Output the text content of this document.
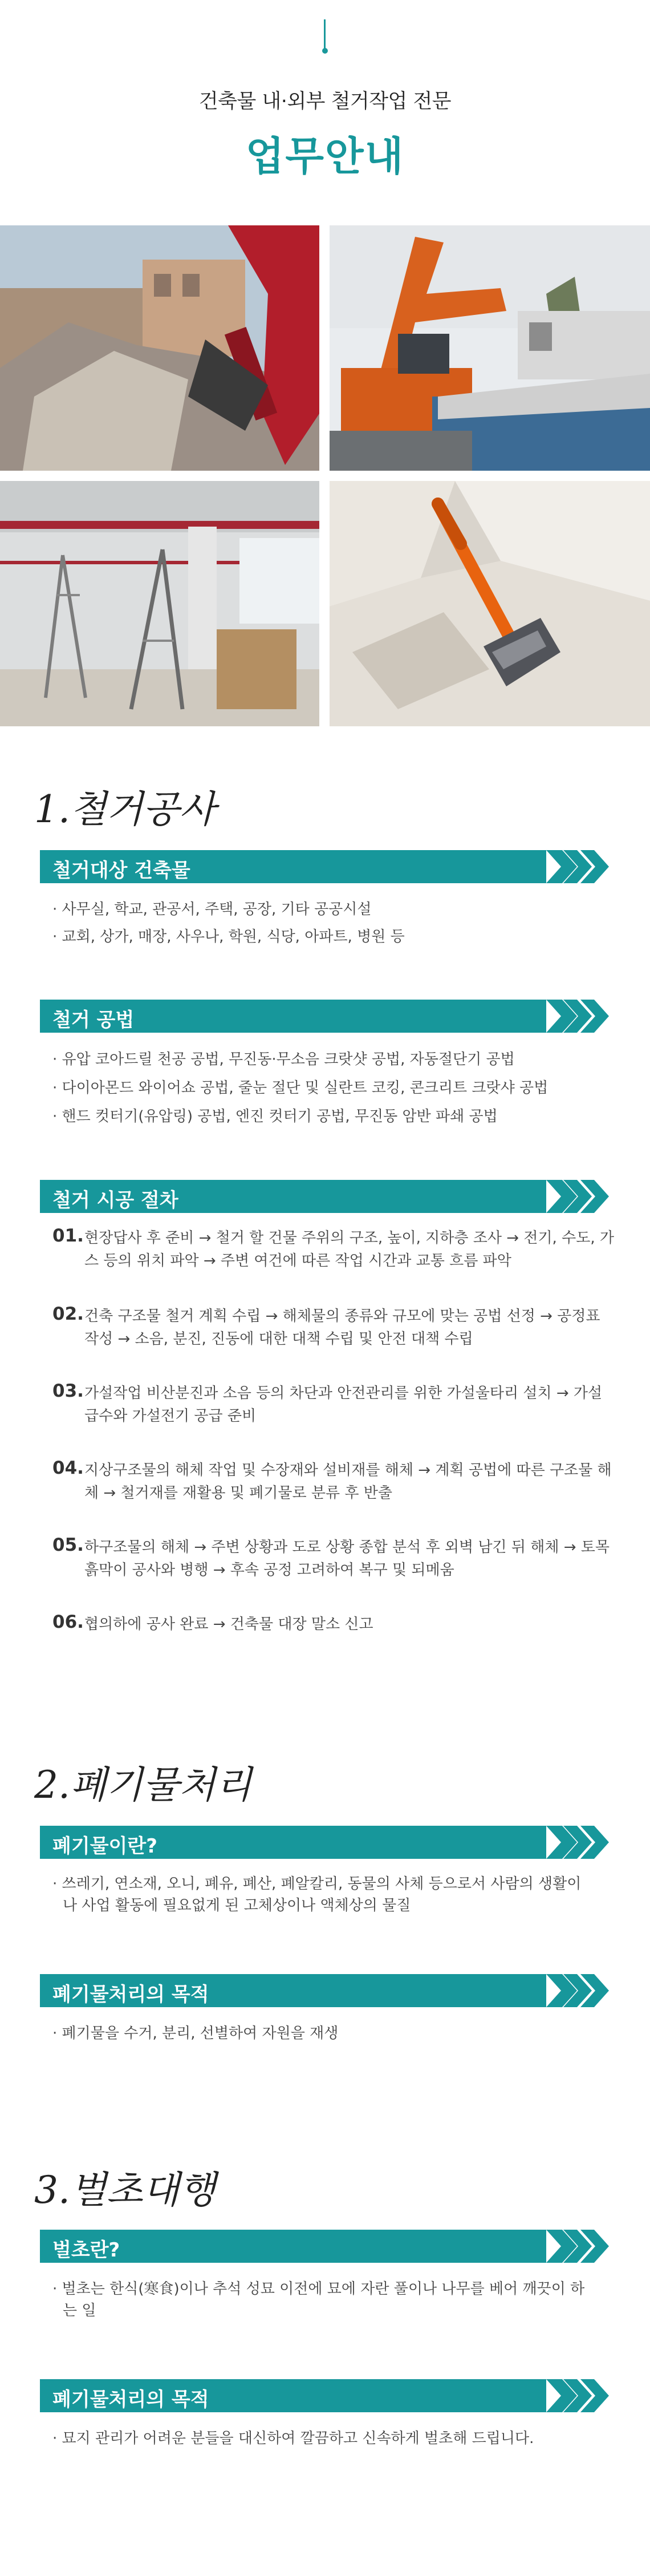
건축물 내·외부 철거작업 전문
업무안내
1.철거공사
철거대상 건축물
· 사무실, 학교, 관공서, 주택, 공장, 기타 공공시설
· 교회, 상가, 매장, 사우나, 학원, 식당, 아파트, 병원 등
철거 공법
· 유압 코아드릴 천공 공법, 무진동·무소음 크랏샷 공법, 자동절단기 공법
· 다이아몬드 와이어쇼 공법, 줄눈 절단 및 실란트 코킹, 콘크리트 크랏샤 공법
· 핸드 컷터기(유압링) 공법, 엔진 컷터기 공법, 무진동 암반 파쇄 공법
철거 시공 절차
01. 현장답사 후 준비 → 철거 할 건물 주위의 구조, 높이, 지하층 조사 → 전기, 수도, 가스 등의 위치 파악 → 주변 여건에 따른 작업 시간과 교통 흐름 파악
02. 건축 구조물 철거 계획 수립 → 해체물의 종류와 규모에 맞는 공법 선정 → 공정표 작성 → 소음, 분진, 진동에 대한 대책 수립 및 안전 대책 수립
03. 가설작업 비산분진과 소음 등의 차단과 안전관리를 위한 가설울타리 설치 → 가설급수와 가설전기 공급 준비
04. 지상구조물의 해체 작업 및 수장재와 설비재를 해체 → 계획 공법에 따른 구조물 해체 → 철거재를 재활용 및 폐기물로 분류 후 반출
05. 하구조물의 해체 → 주변 상황과 도로 상황 종합 분석 후 외벽 남긴 뒤 해체 → 토목 흙막이 공사와 병행 → 후속 공정 고려하여 복구 및 되메움
06. 협의하에 공사 완료 → 건축물 대장 말소 신고
2.폐기물처리
폐기물이란?
· 쓰레기, 연소재, 오니, 폐유, 폐산, 폐알칼리, 동물의 사체 등으로서 사람의 생활이나 사업 활동에 필요없게 된 고체상이나 액체상의 물질
폐기물처리의 목적
· 폐기물을 수거, 분리, 선별하여 자원을 재생
3.벌초대행
벌초란?
· 벌초는 한식(寒食)이나 추석 성묘 이전에 묘에 자란 풀이나 나무를 베어 깨끗이 하는 일
폐기물처리의 목적
· 묘지 관리가 어려운 분들을 대신하여 깔끔하고 신속하게 벌초해 드립니다.
